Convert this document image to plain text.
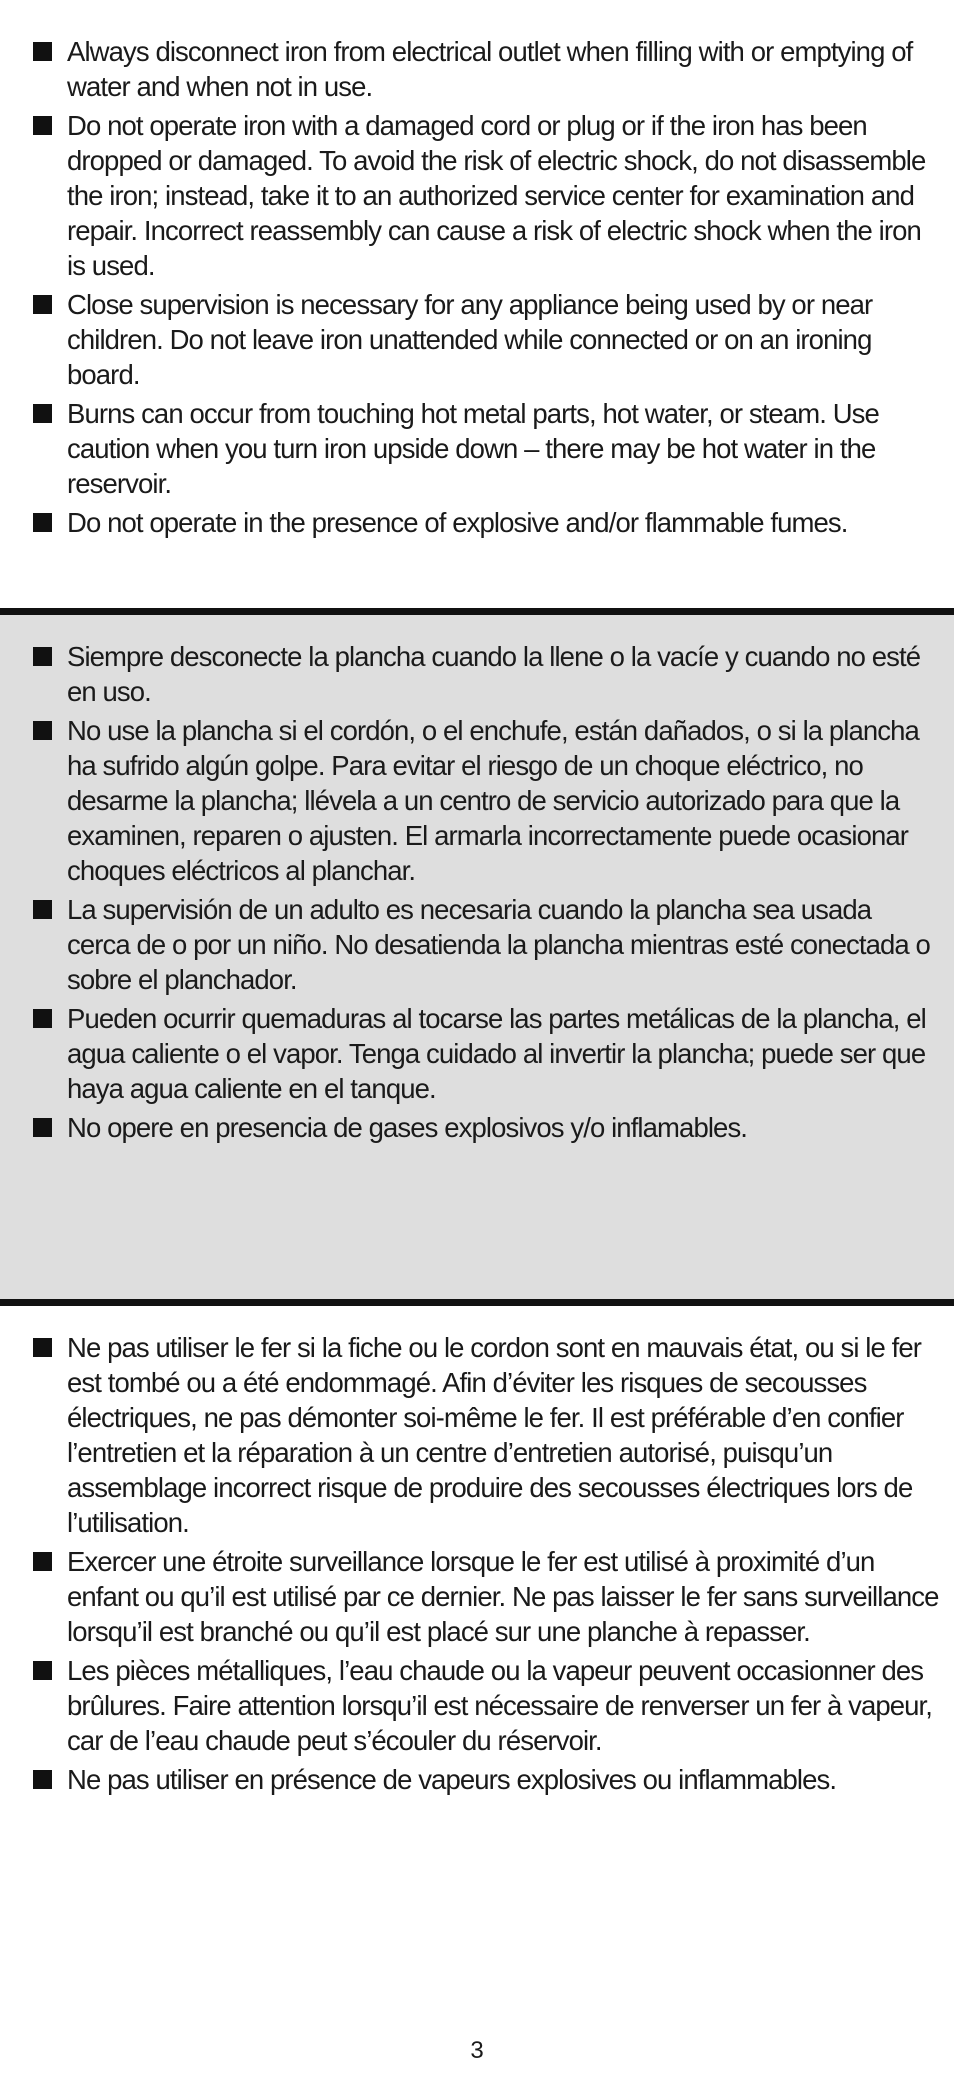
Always disconnect iron from electrical outlet when filling with or emptying of water and when not in use.
Do not operate iron with a damaged cord or plug or if the iron has been dropped or damaged. To avoid the risk of electric shock, do not disassemble the iron; instead, take it to an authorized service center for examination and repair. Incorrect reassembly can cause a risk of electric shock when the iron is used.
Close supervision is necessary for any appliance being used by or near children. Do not leave iron unattended while connected or on an ironing board.
Burns can occur from touching hot metal parts, hot water, or steam. Use caution when you turn iron upside down – there may be hot water in the reservoir.
Do not operate in the presence of explosive and/or flammable fumes.
Siempre desconecte la plancha cuando la llene o la vacíe y cuando no esté en uso.
No use la plancha si el cordón, o el enchufe, están dañados, o si la plancha ha sufrido algún golpe. Para evitar el riesgo de un choque eléctrico, no desarme la plancha; llévela a un centro de servicio autorizado para que la examinen, reparen o ajusten. El armarla incorrectamente puede ocasionar choques eléctricos al planchar.
La supervisión de un adulto es necesaria cuando la plancha sea usada cerca de o por un niño. No desatienda la plancha mientras esté conectada o sobre el planchador.
Pueden ocurrir quemaduras al tocarse las partes metálicas de la plancha, el agua caliente o el vapor. Tenga cuidado al invertir la plancha; puede ser que haya agua caliente en el tanque.
No opere en presencia de gases explosivos y/o inflamables.
Ne pas utiliser le fer si la fiche ou le cordon sont en mauvais état, ou si le fer est tombé ou a été endommagé. Afin d’éviter les risques de secousses électriques, ne pas démonter soi-même le fer. Il est préférable d’en confier l’entretien et la réparation à un centre d’entretien autorisé, puisqu’un assemblage incorrect risque de produire des secousses électriques lors de l’utilisation.
Exercer une étroite surveillance lorsque le fer est utilisé à proximité d’un enfant ou qu’il est utilisé par ce dernier. Ne pas laisser le fer sans surveillance lorsqu’il est branché ou qu’il est placé sur une planche à repasser.
Les pièces métalliques, l’eau chaude ou la vapeur peuvent occasionner des brûlures. Faire attention lorsqu’il est nécessaire de renverser un fer à vapeur, car de l’eau chaude peut s’écouler du réservoir.
Ne pas utiliser en présence de vapeurs explosives ou inflammables.
3
